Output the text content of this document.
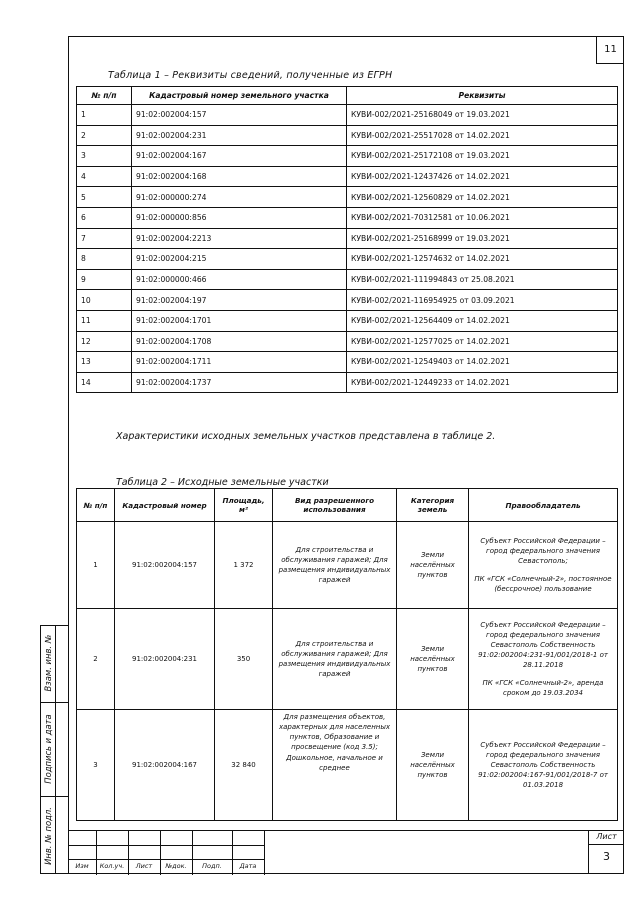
11
Таблица 1 – Реквизиты сведений, полученные из ЕГРН
№ п/п	Кадастровый номер земельного участка	Реквизиты
1	91:02:002004:157	КУВИ-002/2021-25168049 от 19.03.2021
2	91:02:002004:231	КУВИ-002/2021-25517028 от 14.02.2021
3	91:02:002004:167	КУВИ-002/2021-25172108 от 19.03.2021
4	91:02:002004:168	КУВИ-002/2021-12437426 от 14.02.2021
5	91:02:000000:274	КУВИ-002/2021-12560829 от 14.02.2021
6	91:02:000000:856	КУВИ-002/2021-70312581 от 10.06.2021
7	91:02:002004:2213	КУВИ-002/2021-25168999 от 19.03.2021
8	91:02:002004:215	КУВИ-002/2021-12574632 от 14.02.2021
9	91:02:000000:466	КУВИ-002/2021-111994843 от 25.08.2021
10	91:02:002004:197	КУВИ-002/2021-116954925 от 03.09.2021
11	91:02:002004:1701	КУВИ-002/2021-12564409 от 14.02.2021
12	91:02:002004:1708	КУВИ-002/2021-12577025 от 14.02.2021
13	91:02:002004:1711	КУВИ-002/2021-12549403 от 14.02.2021
14	91:02:002004:1737	КУВИ-002/2021-12449233 от 14.02.2021
Характеристики исходных земельных участков представлена в таблице 2.
Таблица 2 – Исходные земельные участки
№ п/п	Кадастровый номер	Площадь, м²	Вид разрешенного использования	Категория земель	Правообладатель
1	91:02:002004:157	1 372	Для строительства и обслуживания гаражей; Для размещения индивидуальных гаражей	Земли населённых пунктов	Субъект Российской Федерации – город федерального значения Севастополь;
ПК «ГСК «Солнечный-2», постоянное (бессрочное) пользование

2	91:02:002004:231	350	Для строительства и обслуживания гаражей; Для размещения индивидуальных гаражей	Земли населённых пунктов	Субъект Российской Федерации – город федерального значения Севастополь Собственность 91:02:002004:231-91/001/2018-1 от 28.11.2018
ПК «ГСК «Солнечный-2», аренда сроком до 19.03.2034

3	91:02:002004:167	32 840	Для размещения объектов, характерных для населенных пунктов, Образование и просвещение (код 3.5); Дошкольное, начальное и среднее	Земли населённых пунктов	Субъект Российской Федерации – город федерального значения Севастополь Собственность 91:02:002004:167-91/001/2018-7 от 01.03.2018
Взам. инв. №
Подпись и дата
Инв. № подл.
Изм	Кол.уч.	Лист	№док.	Подп.	Дата
Лист
3
